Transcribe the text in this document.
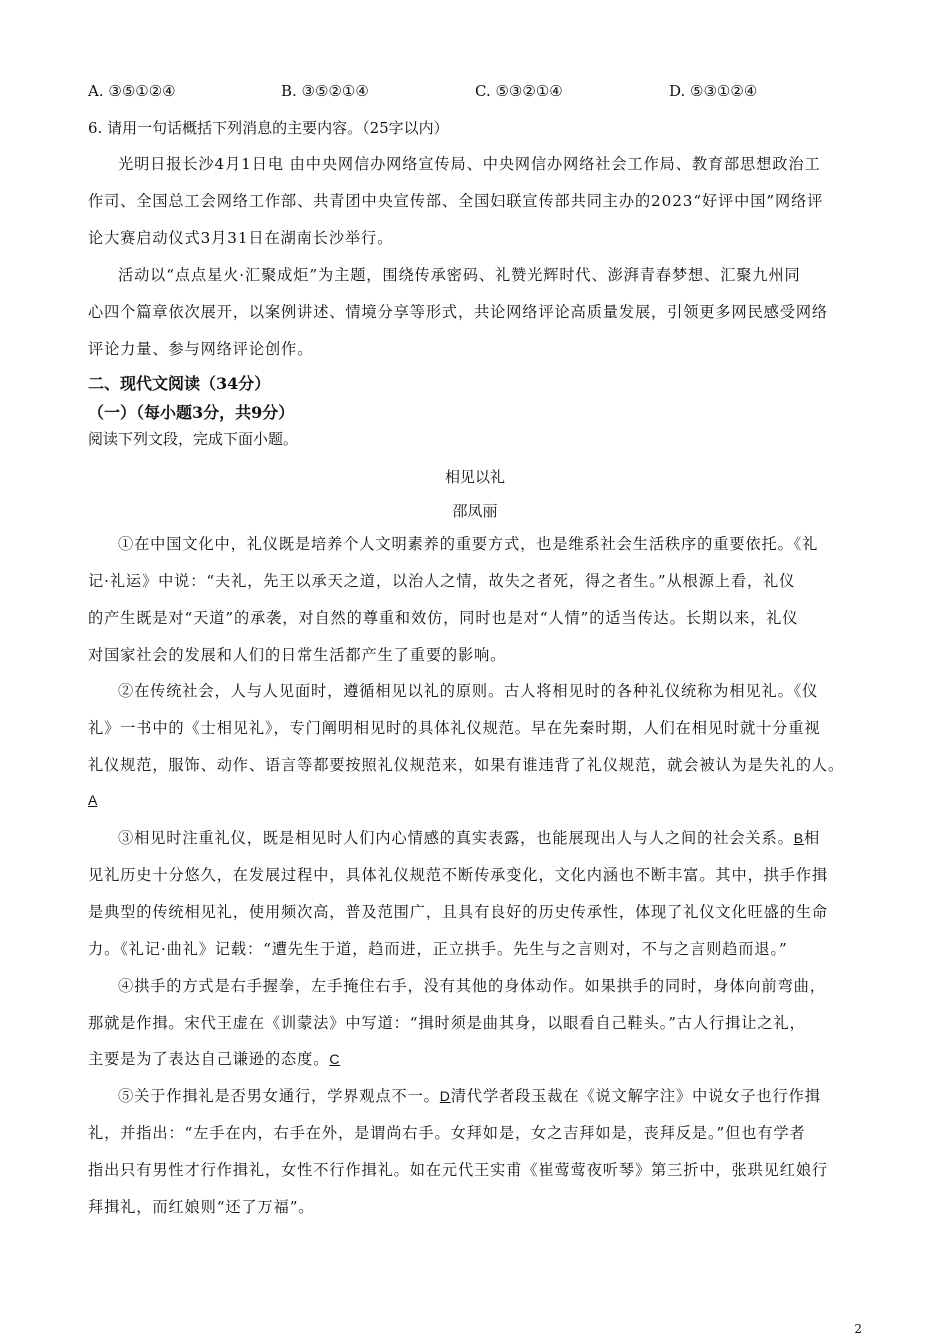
A. ③⑤①②④	B. ③⑤②①④	C. ⑤③②①④	D. ⑤③①②④
6. 请用一句话概括下列消息的主要内容。（25字以内）
光明日报长沙4月1日电 由中央网信办网络宣传局、中央网信办网络社会工作局、教育部思想政治工
作司、全国总工会网络工作部、共青团中央宣传部、全国妇联宣传部共同主办的2023“好评中国”网络评
论大赛启动仪式3月31日在湖南长沙举行。
活动以“点点星火·汇聚成炬”为主题，围绕传承密码、礼赞光辉时代、澎湃青春梦想、汇聚九州同
心四个篇章依次展开，以案例讲述、情境分享等形式，共论网络评论高质量发展，引领更多网民感受网络
评论力量、参与网络评论创作。
二、现代文阅读（34分）
（一）（每小题3分，共9分）
阅读下列文段，完成下面小题。
相见以礼
邵凤丽
①在中国文化中，礼仪既是培养个人文明素养的重要方式，也是维系社会生活秩序的重要依托。《礼
记·礼运》中说：“夫礼，先王以承天之道，以治人之情，故失之者死，得之者生。”从根源上看，礼仪
的产生既是对“天道”的承袭，对自然的尊重和效仿，同时也是对“人情”的适当传达。长期以来，礼仪
对国家社会的发展和人们的日常生活都产生了重要的影响。
②在传统社会，人与人见面时，遵循相见以礼的原则。古人将相见时的各种礼仪统称为相见礼。《仪
礼》一书中的《士相见礼》，专门阐明相见时的具体礼仪规范。早在先秦时期，人们在相见时就十分重视
礼仪规范，服饰、动作、语言等都要按照礼仪规范来，如果有谁违背了礼仪规范，就会被认为是失礼的人。
A
③相见时注重礼仪，既是相见时人们内心情感的真实表露，也能展现出人与人之间的社会关系。B相
见礼历史十分悠久，在发展过程中，具体礼仪规范不断传承变化，文化内涵也不断丰富。其中，拱手作揖
是典型的传统相见礼，使用频次高，普及范围广，且具有良好的历史传承性，体现了礼仪文化旺盛的生命
力。《礼记·曲礼》记载：“遭先生于道，趋而进，正立拱手。先生与之言则对，不与之言则趋而退。”
④拱手的方式是右手握拳，左手掩住右手，没有其他的身体动作。如果拱手的同时，身体向前弯曲，
那就是作揖。宋代王虚在《训蒙法》中写道：“揖时须是曲其身，以眼看自己鞋头。”古人行揖让之礼，
主要是为了表达自己谦逊的态度。C
⑤关于作揖礼是否男女通行，学界观点不一。D清代学者段玉裁在《说文解字注》中说女子也行作揖
礼，并指出：“左手在内，右手在外，是谓尚右手。女拜如是，女之吉拜如是，丧拜反是。”但也有学者
指出只有男性才行作揖礼，女性不行作揖礼。如在元代王实甫《崔莺莺夜听琴》第三折中，张珙见红娘行
拜揖礼，而红娘则“还了万福”。
2
